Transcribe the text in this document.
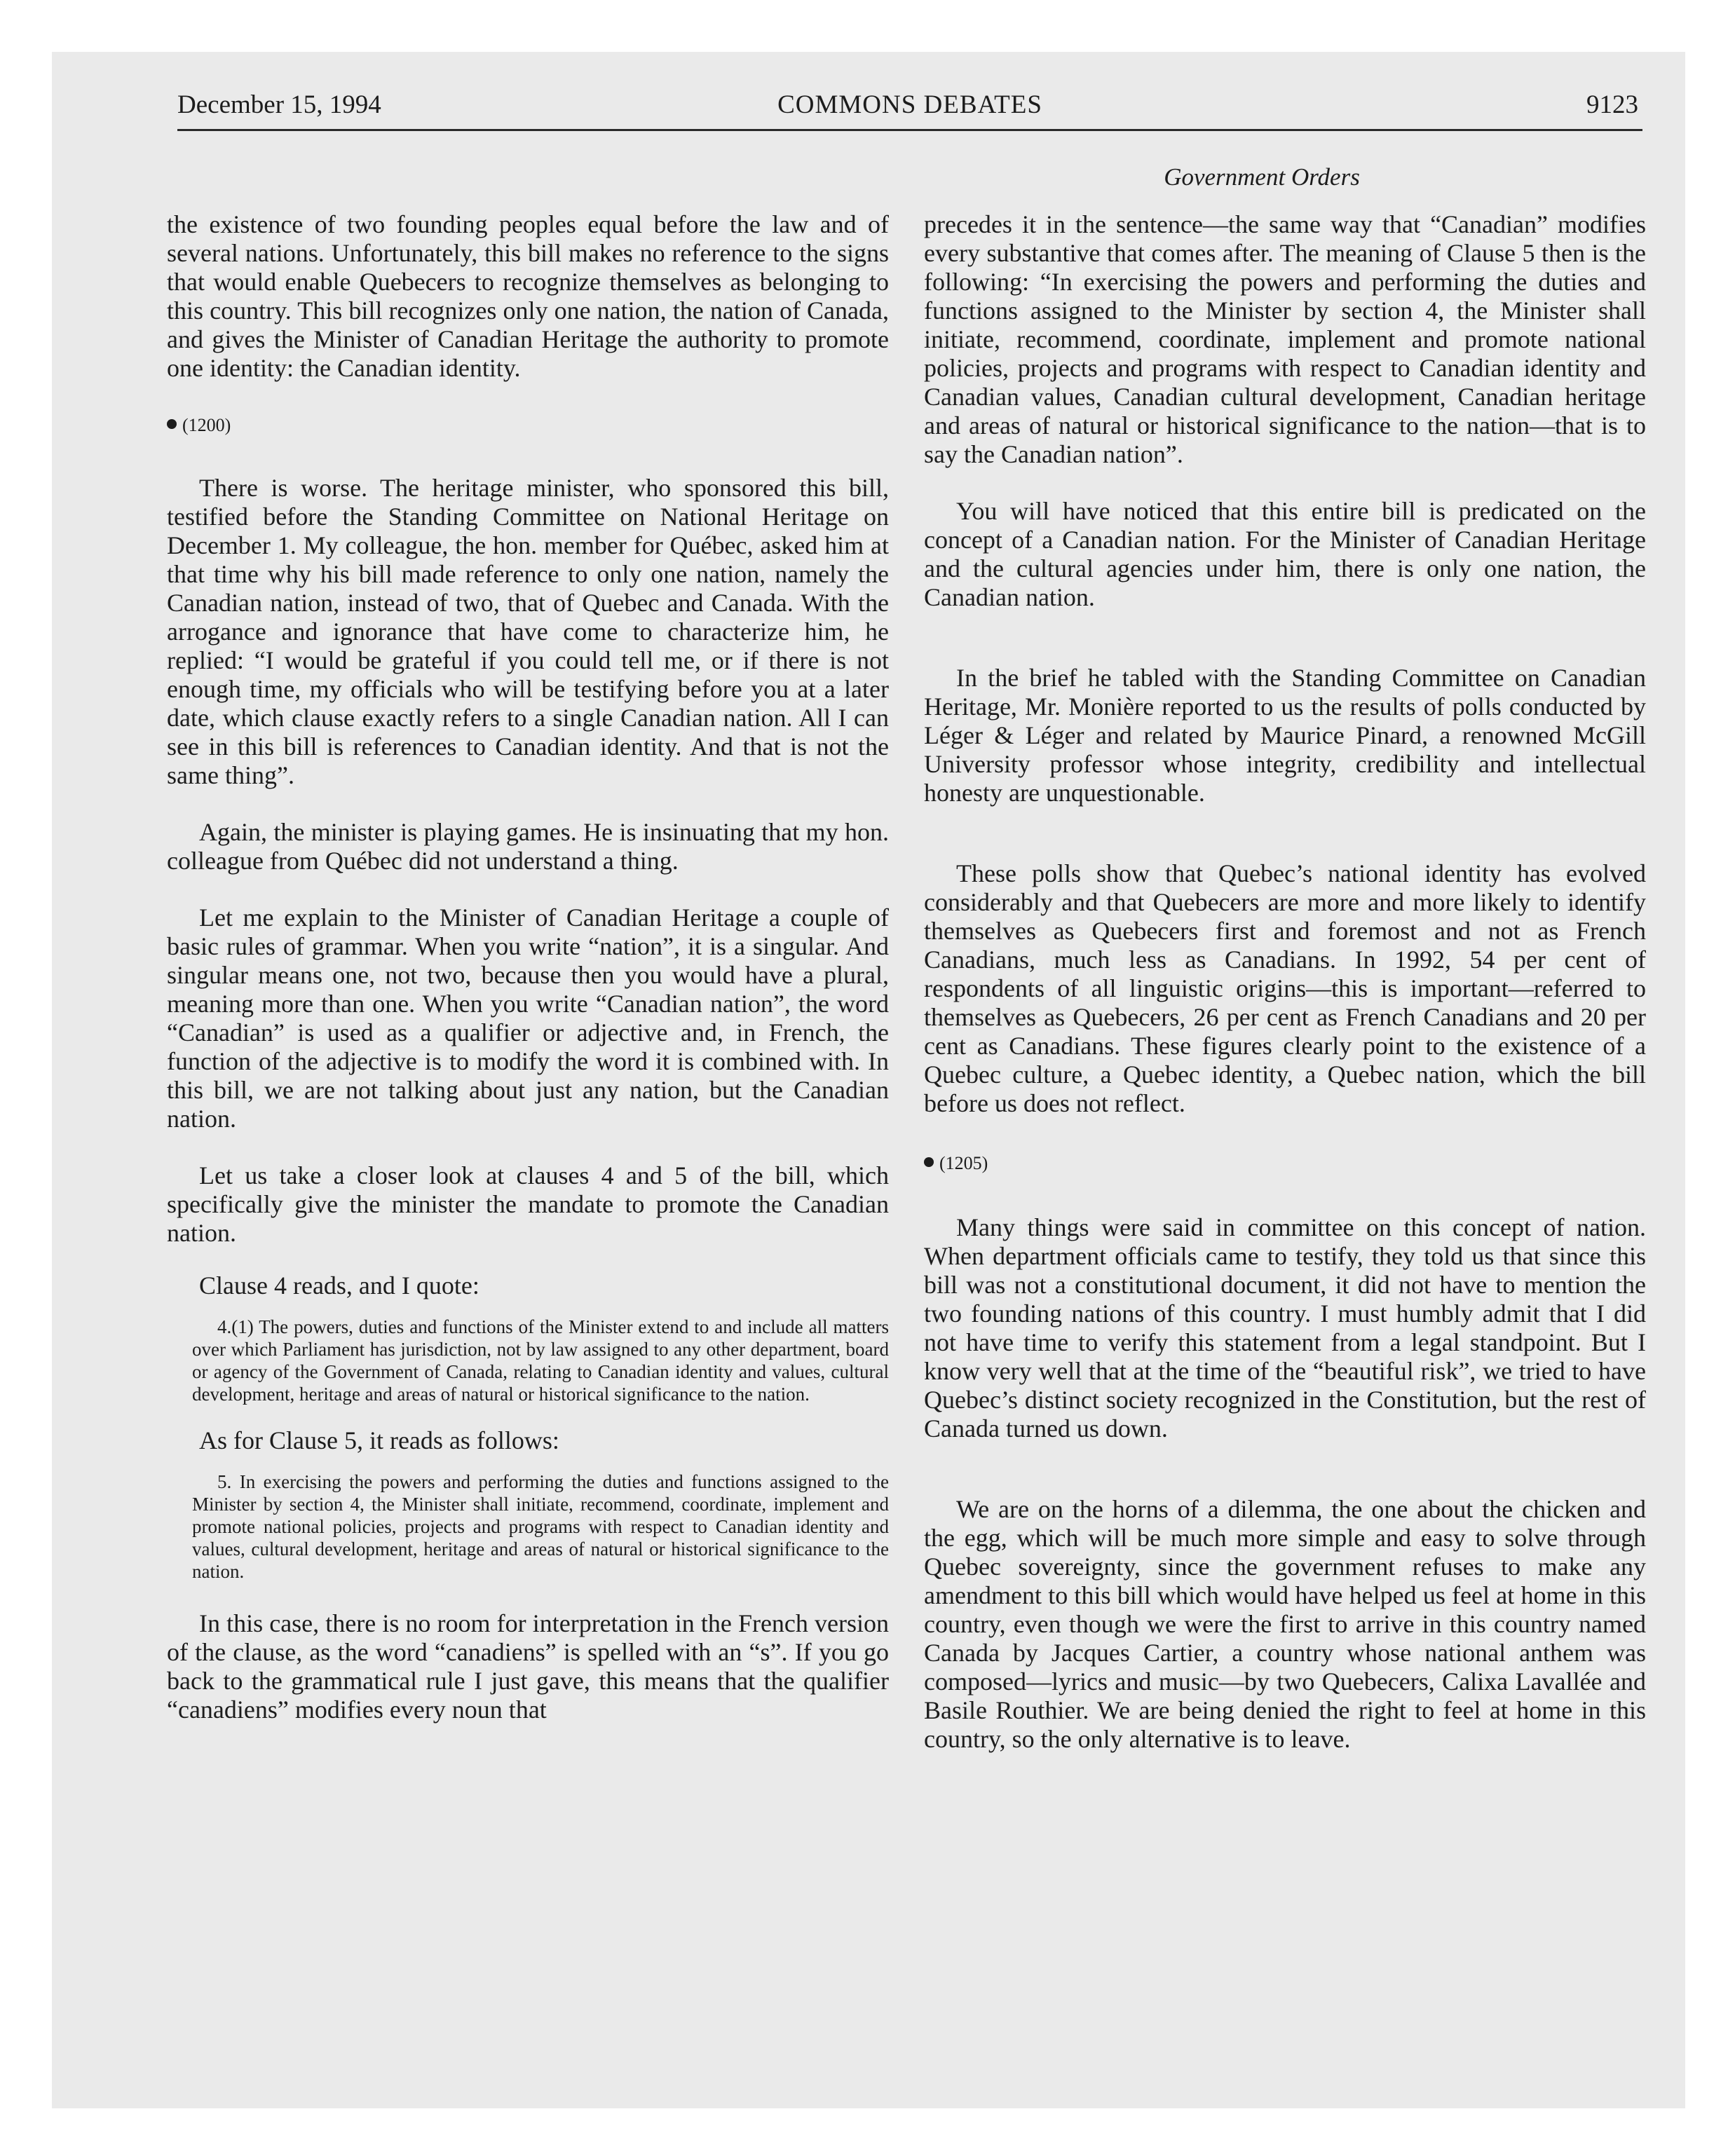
December 15, 1994	COMMONS DEBATES	9123
Government Orders

the existence of two founding peoples equal before the law and of several nations. Unfortunately, this bill makes no reference to the signs that would enable Quebecers to recognize themselves as belonging to this country. This bill recognizes only one nation, the nation of Canada, and gives the Minister of Canadian Heritage the authority to promote one identity: the Canadian identity.

(1200)

There is worse. The heritage minister, who sponsored this bill, testified before the Standing Committee on National Heritage on December 1. My colleague, the hon. member for Québec, asked him at that time why his bill made reference to only one nation, namely the Canadian nation, instead of two, that of Quebec and Canada. With the arrogance and ignorance that have come to characterize him, he replied: “I would be grateful if you could tell me, or if there is not enough time, my officials who will be testifying before you at a later date, which clause exactly refers to a single Canadian nation. All I can see in this bill is references to Canadian identity. And that is not the same thing”.

Again, the minister is playing games. He is insinuating that my hon. colleague from Québec did not understand a thing.

Let me explain to the Minister of Canadian Heritage a couple of basic rules of grammar. When you write “nation”, it is a singular. And singular means one, not two, because then you would have a plural, meaning more than one. When you write “Canadian nation”, the word “Canadian” is used as a qualifier or adjective and, in French, the function of the adjective is to modify the word it is combined with. In this bill, we are not talking about just any nation, but the Canadian nation.

Let us take a closer look at clauses 4 and 5 of the bill, which specifically give the minister the mandate to promote the Canadian nation.

Clause 4 reads, and I quote:

4.(1) The powers, duties and functions of the Minister extend to and include all matters over which Parliament has jurisdiction, not by law assigned to any other department, board or agency of the Government of Canada, relating to Canadian identity and values, cultural development, heritage and areas of natural or historical significance to the nation.

As for Clause 5, it reads as follows:

5. In exercising the powers and performing the duties and functions assigned to the Minister by section 4, the Minister shall initiate, recommend, coordinate, implement and promote national policies, projects and programs with respect to Canadian identity and values, cultural development, heritage and areas of natural or historical significance to the nation.

In this case, there is no room for interpretation in the French version of the clause, as the word “canadiens” is spelled with an “s”. If you go back to the grammatical rule I just gave, this means that the qualifier “canadiens” modifies every noun that

precedes it in the sentence—the same way that “Canadian” modifies every substantive that comes after. The meaning of Clause 5 then is the following: “In exercising the powers and performing the duties and functions assigned to the Minister by section 4, the Minister shall initiate, recommend, coordinate, implement and promote national policies, projects and programs with respect to Canadian identity and Canadian values, Canadian cultural development, Canadian heritage and areas of natural or historical significance to the nation—that is to say the Canadian nation”.

You will have noticed that this entire bill is predicated on the concept of a Canadian nation. For the Minister of Canadian Heritage and the cultural agencies under him, there is only one nation, the Canadian nation.

In the brief he tabled with the Standing Committee on Canadian Heritage, Mr. Monière reported to us the results of polls conducted by Léger & Léger and related by Maurice Pinard, a renowned McGill University professor whose integrity, credibility and intellectual honesty are unquestionable.

These polls show that Quebec’s national identity has evolved considerably and that Quebecers are more and more likely to identify themselves as Quebecers first and foremost and not as French Canadians, much less as Canadians. In 1992, 54 per cent of respondents of all linguistic origins—this is important—referred to themselves as Quebecers, 26 per cent as French Canadians and 20 per cent as Canadians. These figures clearly point to the existence of a Quebec culture, a Quebec identity, a Quebec nation, which the bill before us does not reflect.

(1205)

Many things were said in committee on this concept of nation. When department officials came to testify, they told us that since this bill was not a constitutional document, it did not have to mention the two founding nations of this country. I must humbly admit that I did not have time to verify this statement from a legal standpoint. But I know very well that at the time of the “beautiful risk”, we tried to have Quebec’s distinct society recognized in the Constitution, but the rest of Canada turned us down.

We are on the horns of a dilemma, the one about the chicken and the egg, which will be much more simple and easy to solve through Quebec sovereignty, since the government refuses to make any amendment to this bill which would have helped us feel at home in this country, even though we were the first to arrive in this country named Canada by Jacques Cartier, a country whose national anthem was composed—lyrics and music—by two Quebecers, Calixa Lavallée and Basile Routhier. We are being denied the right to feel at home in this country, so the only alternative is to leave.
